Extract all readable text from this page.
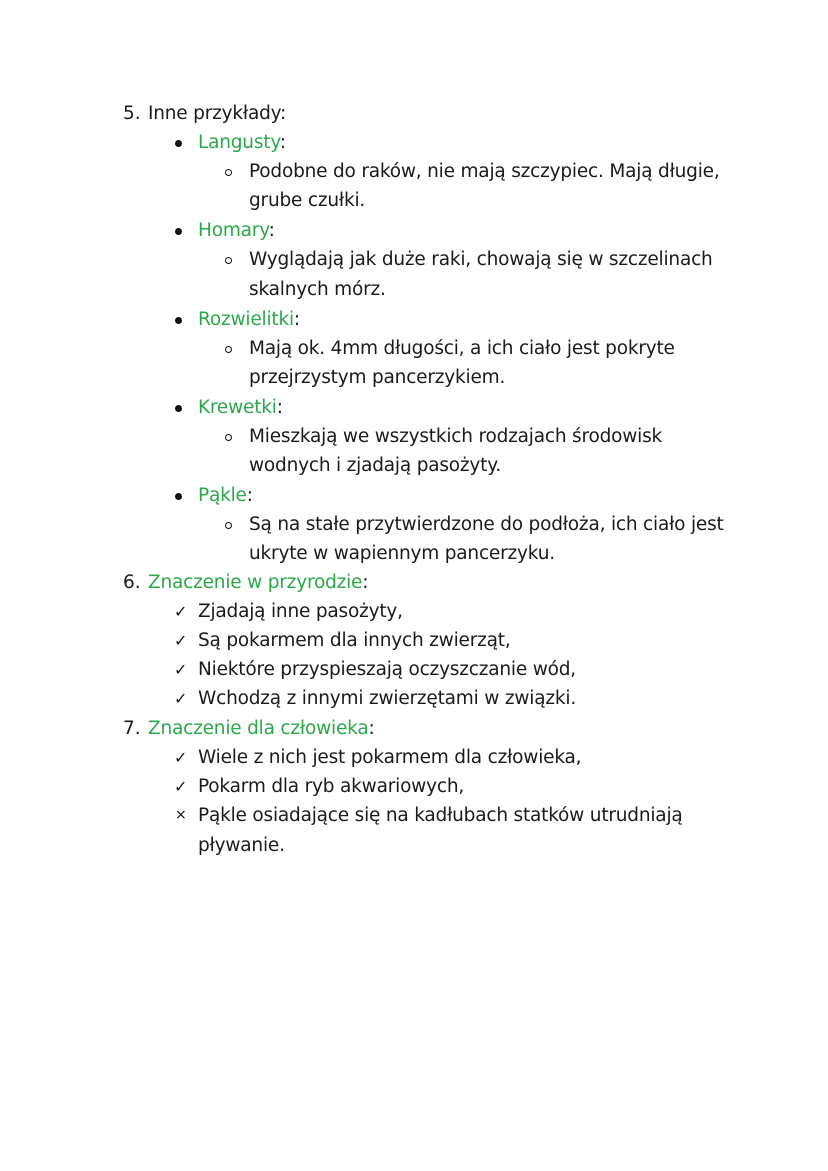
5. Inne przykłady:
Langusty:
Podobne do raków, nie mają szczypiec. Mają długie,
grube czułki.
Homary:
Wyglądają jak duże raki, chowają się w szczelinach
skalnych mórz.
Rozwielitki:
Mają ok. 4mm długości, a ich ciało jest pokryte
przejrzystym pancerzykiem.
Krewetki:
Mieszkają we wszystkich rodzajach środowisk
wodnych i zjadają pasożyty.
Pąkle:
Są na stałe przytwierdzone do podłoża, ich ciało jest
ukryte w wapiennym pancerzyku.
6. Znaczenie w przyrodzie:
✓ Zjadają inne pasożyty,
✓ Są pokarmem dla innych zwierząt,
✓ Niektóre przyspieszają oczyszczanie wód,
✓ Wchodzą z innymi zwierzętami w związki.
7. Znaczenie dla człowieka:
✓ Wiele z nich jest pokarmem dla człowieka,
✓ Pokarm dla ryb akwariowych,
× Pąkle osiadające się na kadłubach statków utrudniają
pływanie.
